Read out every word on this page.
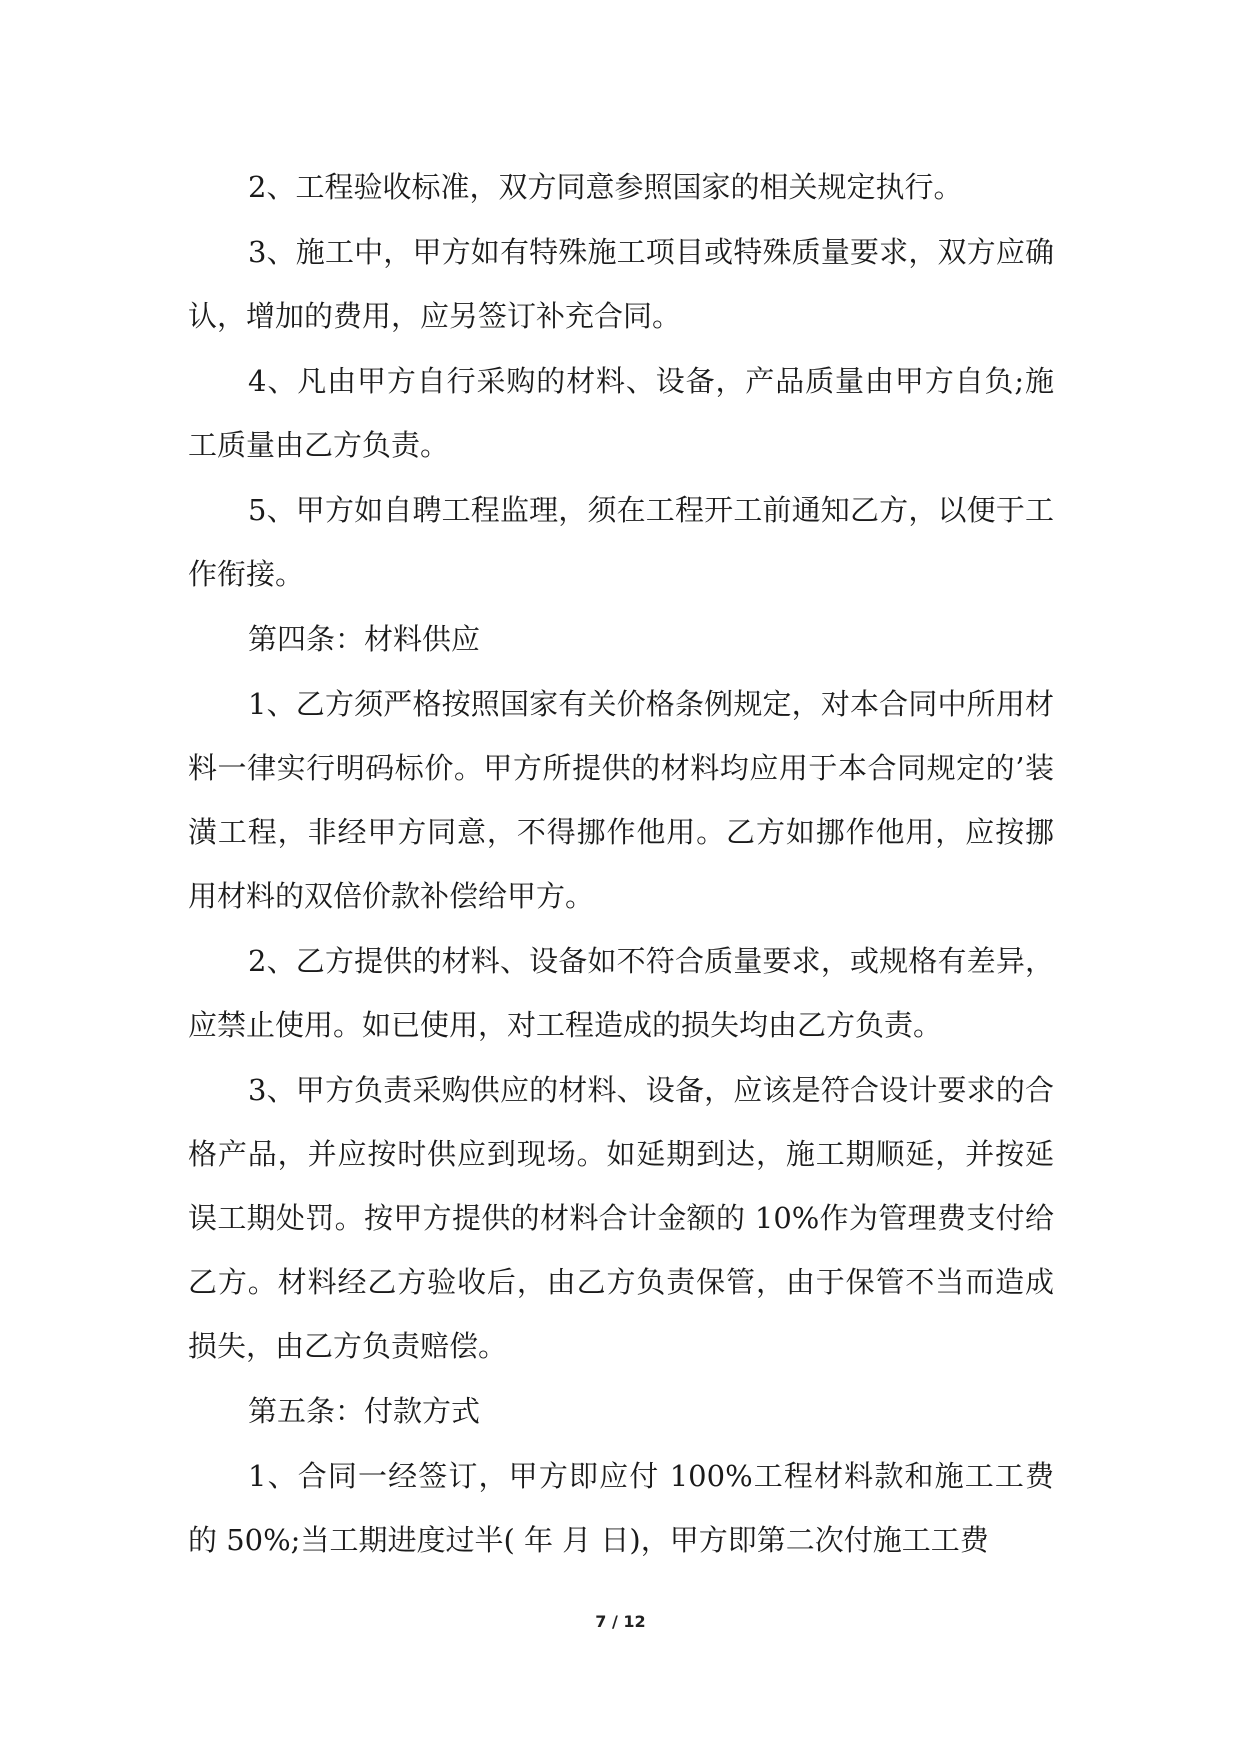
2、工程验收标准，双方同意参照国家的相关规定执行。

3、施工中，甲方如有特殊施工项目或特殊质量要求，双方应确认，增加的费用，应另签订补充合同。

4、凡由甲方自行采购的材料、设备，产品质量由甲方自负;施工质量由乙方负责。

5、甲方如自聘工程监理，须在工程开工前通知乙方，以便于工作衔接。

第四条：材料供应

1、乙方须严格按照国家有关价格条例规定，对本合同中所用材料一律实行明码标价。甲方所提供的材料均应用于本合同规定的’装潢工程，非经甲方同意，不得挪作他用。乙方如挪作他用，应按挪用材料的双倍价款补偿给甲方。

2、乙方提供的材料、设备如不符合质量要求，或规格有差异，应禁止使用。如已使用，对工程造成的损失均由乙方负责。

3、甲方负责采购供应的材料、设备，应该是符合设计要求的合格产品，并应按时供应到现场。如延期到达，施工期顺延，并按延误工期处罚。按甲方提供的材料合计金额的 10%作为管理费支付给乙方。材料经乙方验收后，由乙方负责保管，由于保管不当而造成损失，由乙方负责赔偿。

第五条：付款方式

1、合同一经签订，甲方即应付 100%工程材料款和施工工费的 50%;当工期进度过半( 年 月 日)，甲方即第二次付施工工费

7 / 12
